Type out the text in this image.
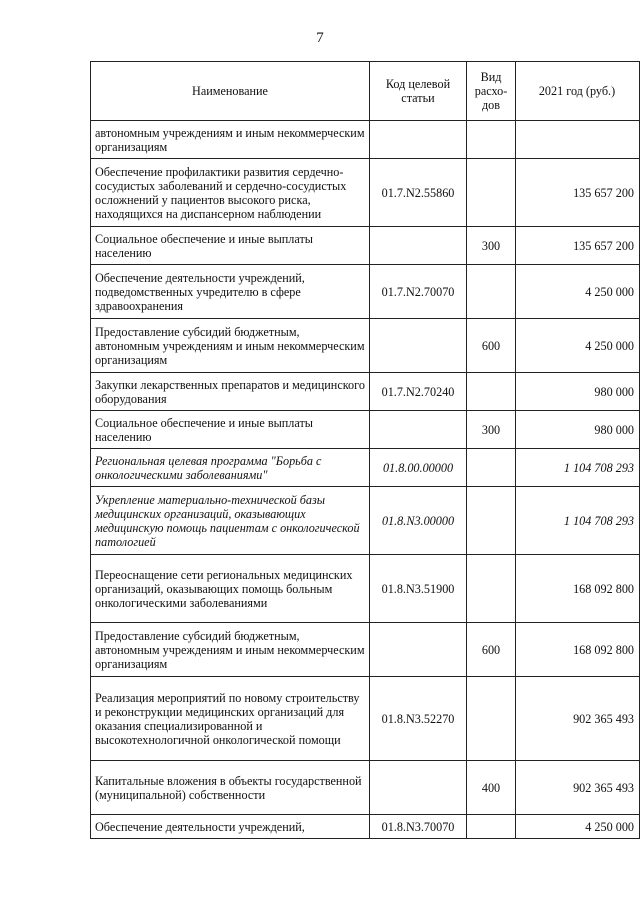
7
Наименование	Код целевой статьи	Вид расхо-дов	2021 год (руб.)
автономным учреждениям и иным некоммерческим организациям			
Обеспечение профилактики развития сердечно-сосудистых заболеваний и сердечно-сосудистых осложнений у пациентов высокого риска, находящихся на диспансерном наблюдении	01.7.N2.55860		135 657 200
Социальное обеспечение и иные выплаты населению		300	135 657 200
Обеспечение деятельности учреждений, подведомственных учредителю в сфере здравоохранения	01.7.N2.70070		4 250 000
Предоставление субсидий бюджетным, автономным учреждениям и иным некоммерческим организациям		600	4 250 000
Закупки лекарственных препаратов и медицинского оборудования	01.7.N2.70240		980 000
Социальное обеспечение и иные выплаты населению		300	980 000
Региональная целевая программа "Борьба с онкологическими заболеваниями"	01.8.00.00000		1 104 708 293
Укрепление материально-технической базы медицинских организаций, оказывающих медицинскую помощь пациентам с онкологической патологией	01.8.N3.00000		1 104 708 293
Переоснащение сети региональных медицинских организаций, оказывающих помощь больным онкологическими заболеваниями	01.8.N3.51900		168 092 800
Предоставление субсидий бюджетным, автономным учреждениям и иным некоммерческим организациям		600	168 092 800
Реализация мероприятий по новому строительству и реконструкции медицинских организаций для оказания специализированной и высокотехнологичной онкологической помощи	01.8.N3.52270		902 365 493
Капитальные вложения в объекты государственной (муниципальной) собственности		400	902 365 493
Обеспечение деятельности учреждений,	01.8.N3.70070		4 250 000
